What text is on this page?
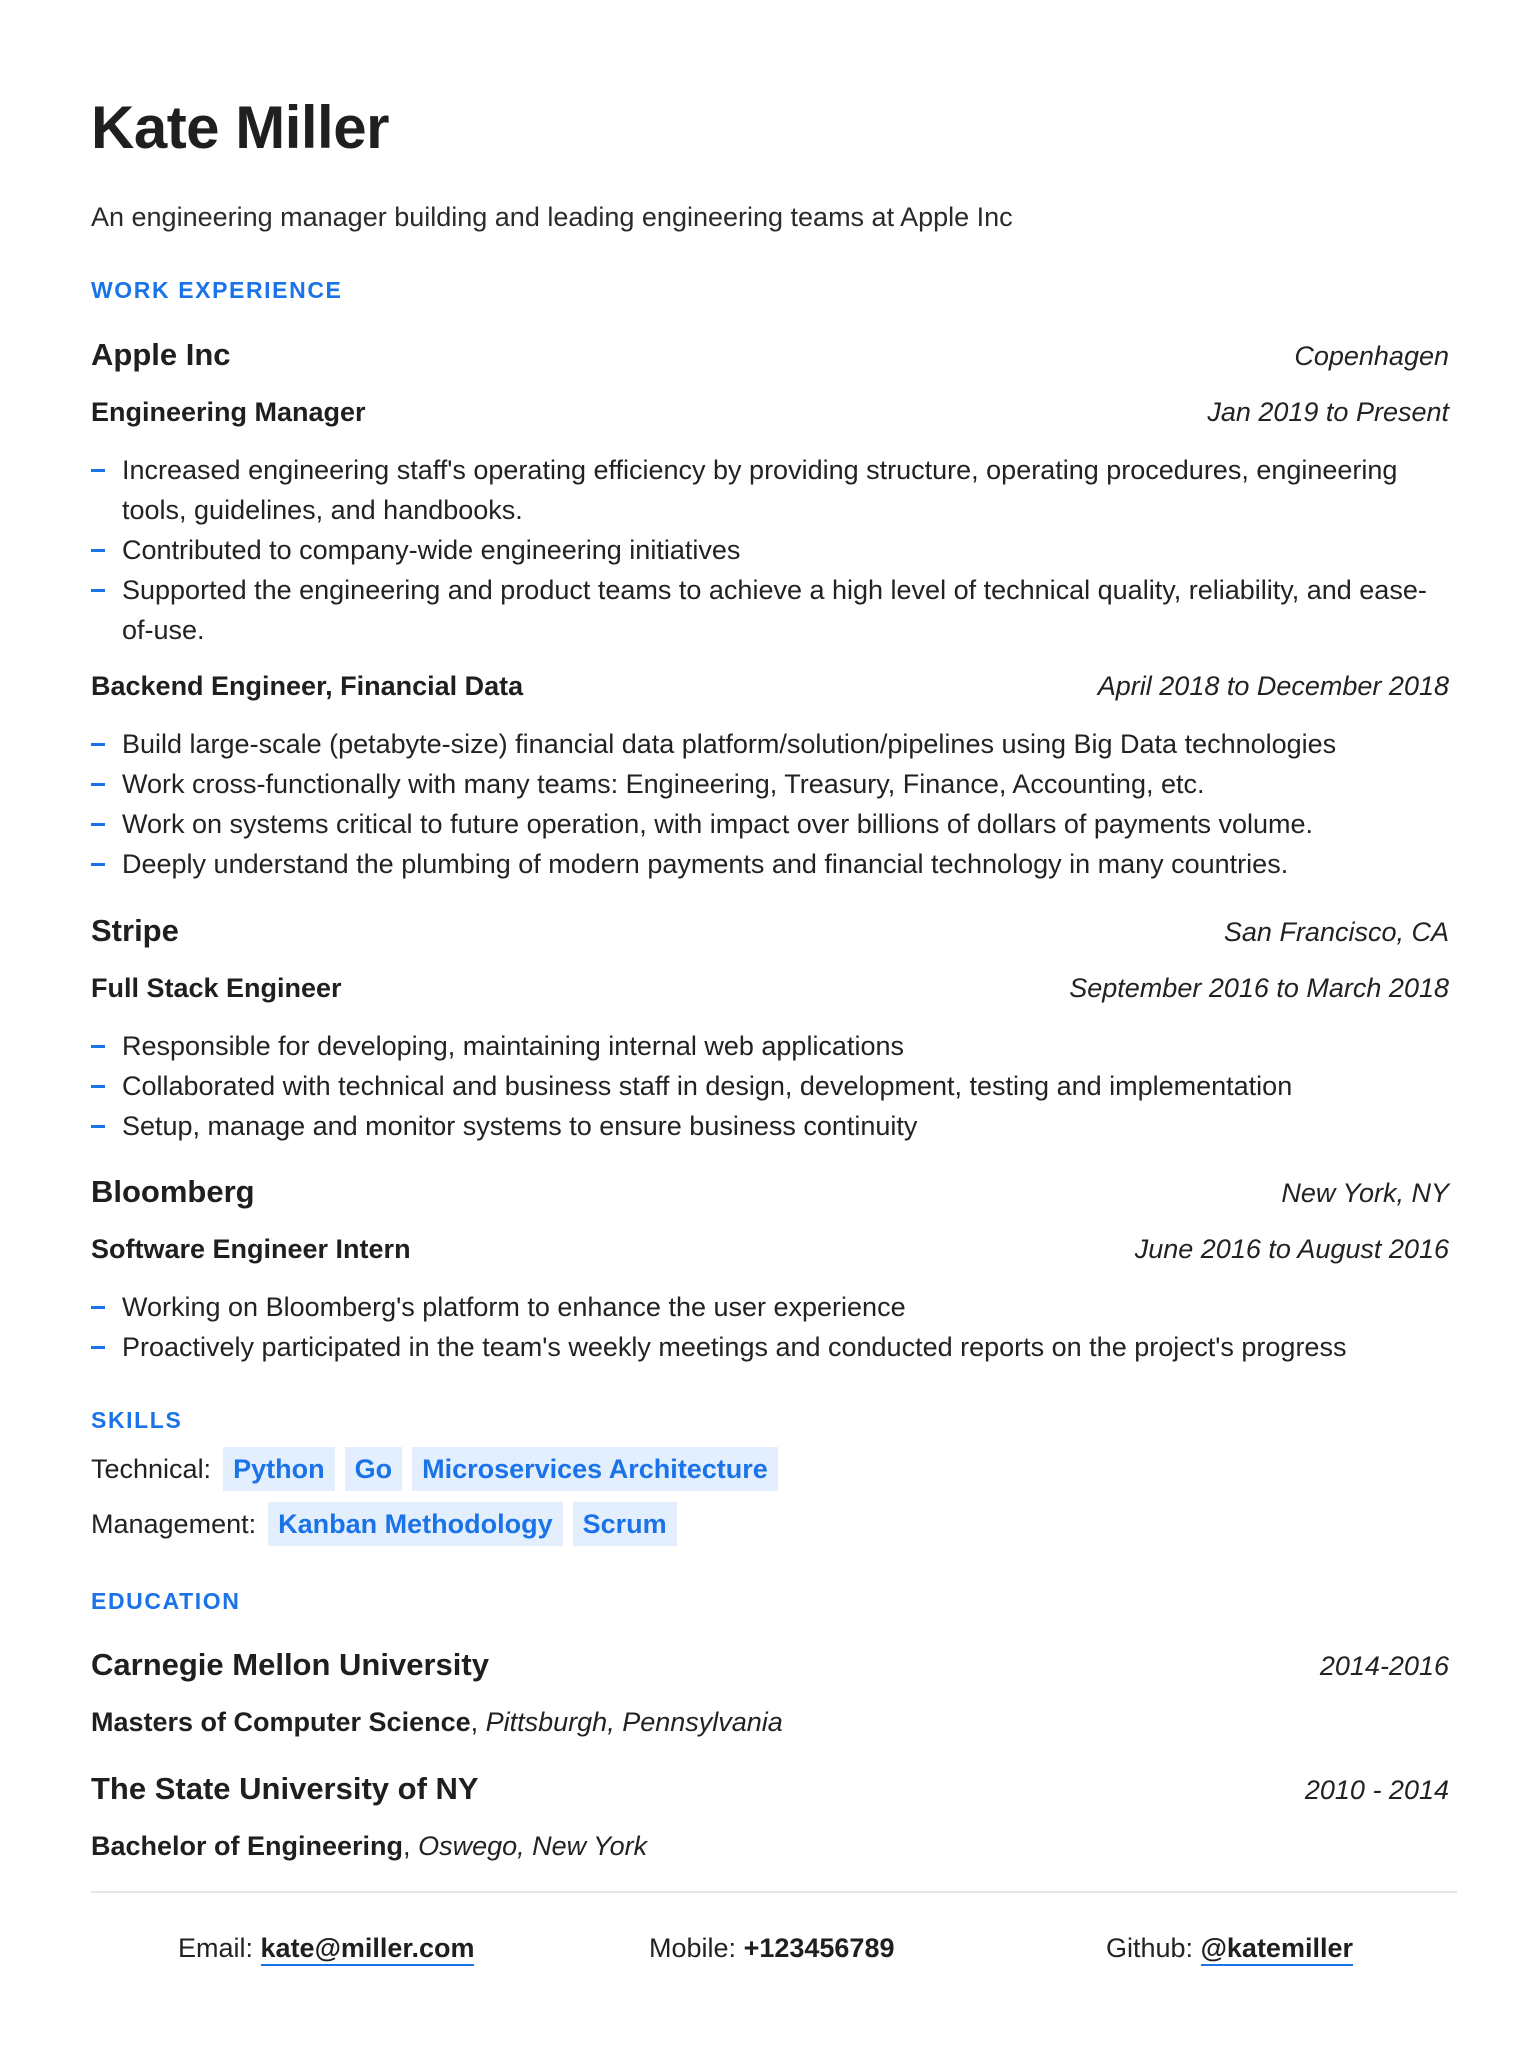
Kate Miller
An engineering manager building and leading engineering teams at Apple Inc
WORK EXPERIENCE
Apple Inc	Copenhagen
Engineering Manager	Jan 2019 to Present
Increased engineering staff's operating efficiency by providing structure, operating procedures, engineering tools, guidelines, and handbooks.
Contributed to company-wide engineering initiatives
Supported the engineering and product teams to achieve a high level of technical quality, reliability, and ease-of-use.
Backend Engineer, Financial Data	April 2018 to December 2018
Build large-scale (petabyte-size) financial data platform/solution/pipelines using Big Data technologies
Work cross-functionally with many teams: Engineering, Treasury, Finance, Accounting, etc.
Work on systems critical to future operation, with impact over billions of dollars of payments volume.
Deeply understand the plumbing of modern payments and financial technology in many countries.
Stripe	San Francisco, CA
Full Stack Engineer	September 2016 to March 2018
Responsible for developing, maintaining internal web applications
Collaborated with technical and business staff in design, development, testing and implementation
Setup, manage and monitor systems to ensure business continuity
Bloomberg	New York, NY
Software Engineer Intern	June 2016 to August 2016
Working on Bloomberg's platform to enhance the user experience
Proactively participated in the team's weekly meetings and conducted reports on the project's progress
SKILLS
Technical: Python	Go	Microservices Architecture
Management: Kanban Methodology	Scrum
EDUCATION
Carnegie Mellon University	2014-2016
Masters of Computer Science, Pittsburgh, Pennsylvania
The State University of NY	2010 - 2014
Bachelor of Engineering, Oswego, New York
Email: kate@miller.com	Mobile: +123456789	Github: @katemiller
